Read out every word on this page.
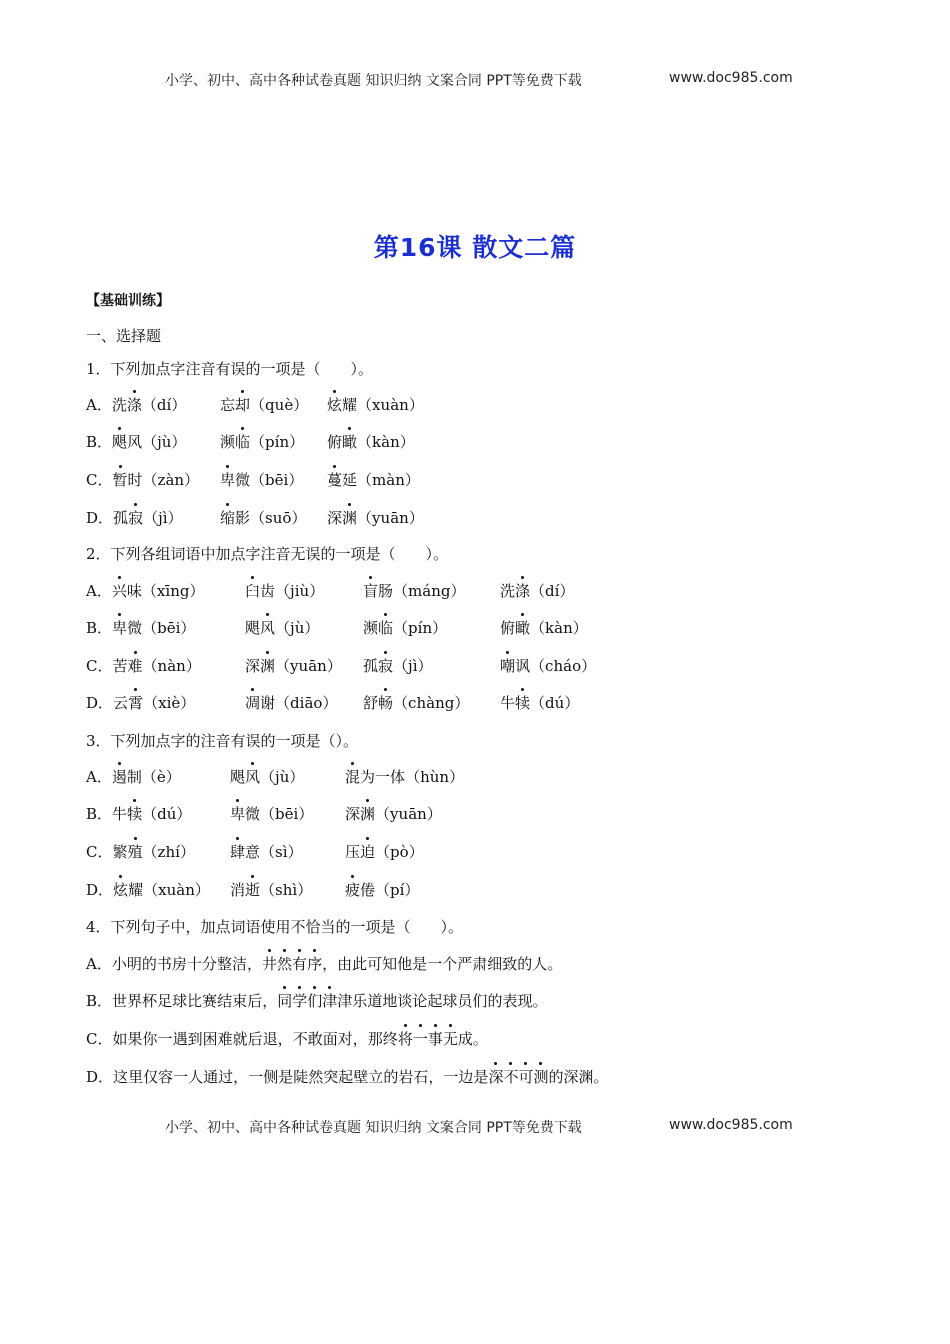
小学、初中、高中各种试卷真题 知识归纳 文案合同 PPT等免费下载	www.doc985.com
第16课 散文二篇
【基础训练】
一、选择题
1．下列加点字注音有误的一项是（　　）。
A．洗涤（dí） 忘却（què） 炫耀（xuàn）
B．飓风（jù） 濒临（pín） 俯瞰（kàn）
C．暂时（zàn） 卑微（bēi） 蔓延（màn）
D．孤寂（jì） 缩影（suō） 深渊（yuān）
2．下列各组词语中加点字注音无误的一项是（　　）。
A．兴味（xīng）	臼齿（jiù）	盲肠（máng） 洗涤（dí）
B．卑微（bēi）	飓风（jù）	濒临（pín）	俯瞰（kàn）
C．苦难（nàn）	深渊（yuān） 孤寂（jì）	嘲讽（cháo）
D．云霄（xiè）	凋谢（diāo） 舒畅（chàng） 牛犊（dú）
3．下列加点字的注音有误的一项是（）。
A．遏制（è）	飓风（jù）	混为一体（hùn）
B．牛犊（dú）	卑微（bēi） 深渊（yuān）
C．繁殖（zhí） 肆意（sì）	压迫（pò）
D．炫耀（xuàn） 消逝（shì） 疲倦（pí）
4．下列句子中，加点词语使用不恰当的一项是（　　）。
A．小明的书房十分整洁，井然有序，由此可知他是一个严肃细致的人。
B．世界杯足球比赛结束后，同学们津津乐道地谈论起球员们的表现。
C．如果你一遇到困难就后退，不敢面对，那终将一事无成。
D．这里仅容一人通过，一侧是陡然突起壁立的岩石，一边是深不可测的深渊。
小学、初中、高中各种试卷真题 知识归纳 文案合同 PPT等免费下载	www.doc985.com
